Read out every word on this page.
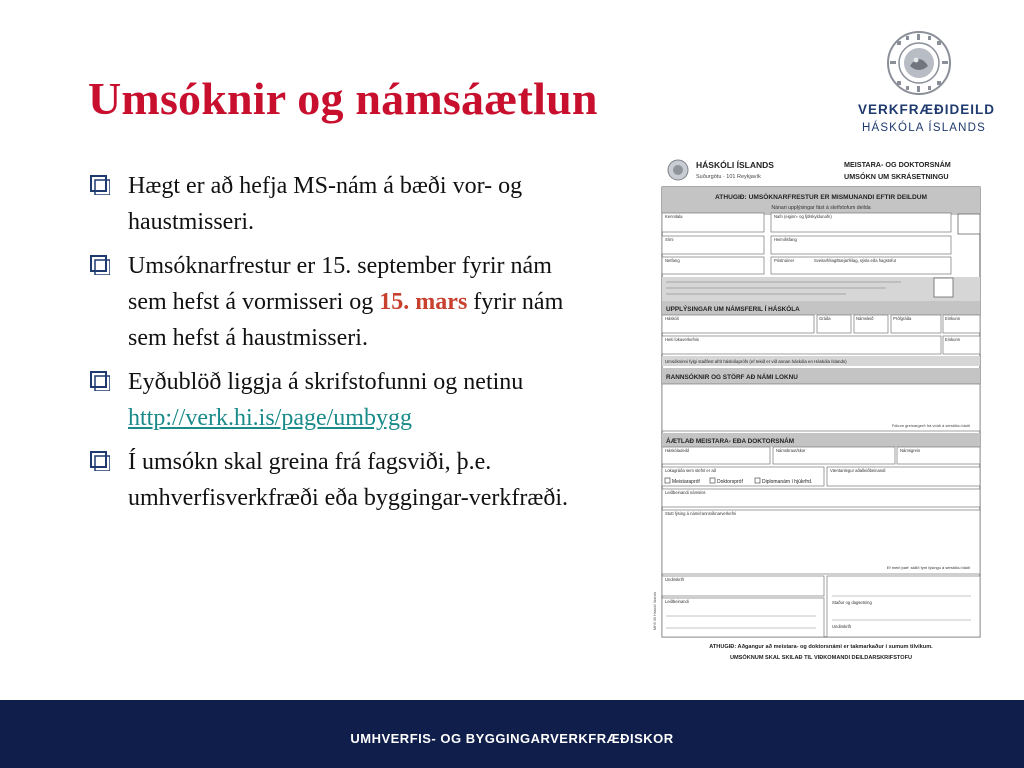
Umsóknir og námsáætlun	VERKFRÆÐIDEILD
HÁSKÓLA ÍSLANDS
Hægt er að hefja MS-nám á bæði vor- og haustmisseri.
Umsóknarfrestur er 15. september fyrir nám sem hefst á vormisseri og 15. mars fyrir nám sem hefst á haustmisseri.
Eyðublöð liggja á skrifstofunni og netinu http://verk.hi.is/page/umbygg
Í umsókn skal greina frá fagsviði, þ.e. umhverfisverkfræði eða byggingar-verkfræði.
HÁSKÓLI ÍSLANDS
Suðurgötu · 101 Reykjavík
MEISTARA- OG DOKTORSNÁM
UMSÓKN UM SKRÁSETNINGU
ATHUGIÐ: UMSÓKNARFRESTUR ER MISMUNANDI EFTIR DEILDUM
Nánari upplýsingar fást á skrifstofum deilda
Kennitala	Nafn (eiginn- og fjölskyldunafn)
Sími	Heimilisfang
Netfang	Póstnúmer	Sveitarfélag/Bæjarfélag, sýsla eða hagstofur
UPPLÝSINGAR UM NÁMSFERIL Í HÁSKÓLA
Háskóli	Gráða	Námsleið	Prófgráða	Einkunn
Heiti lokaverkefnis	Einkunn
Umsókninni fylgi staðfest afrit háskólaprófs (ef tekið er við annan háskóla en Háskóla Íslands)
RANNSÓKNIR OG STÖRF AÐ NÁMI LOKNU
Fókum greinargerð frá víddi á sérstöku blaði
ÁÆTLAÐ MEISTARA- EÐA DOKTORSNÁM
Háskóladeild	Námsbraut/skor	Námsgrein
Lokagráða sem stefnt er að	Væntanlegur aðalleiðbeinandi
Leiðbeinandi námsins
Stutt lýsing á námi/rannsóknarverkefni
Ef meiri þarf: skilið fyrri lýsingu á sérstöku blaði
Meistarapróf	Doktorspróf	Diplomanám í hjúkrfrd.
Undirskrift
Leiðbeinandi	Staður og dagsetning
Undirskrift
MHS 08 Háskóli Íslands
ATHUGIÐ: Aðgangur að meistara- og doktorsnámi er takmarkaður í sumum tilvikum.
UMSÓKNUM SKAL SKILAÐ TIL VIÐKOMANDI DEILDARSKRIFSTOFU
UMHVERFIS- OG BYGGINGARVERKFRÆÐISKOR
